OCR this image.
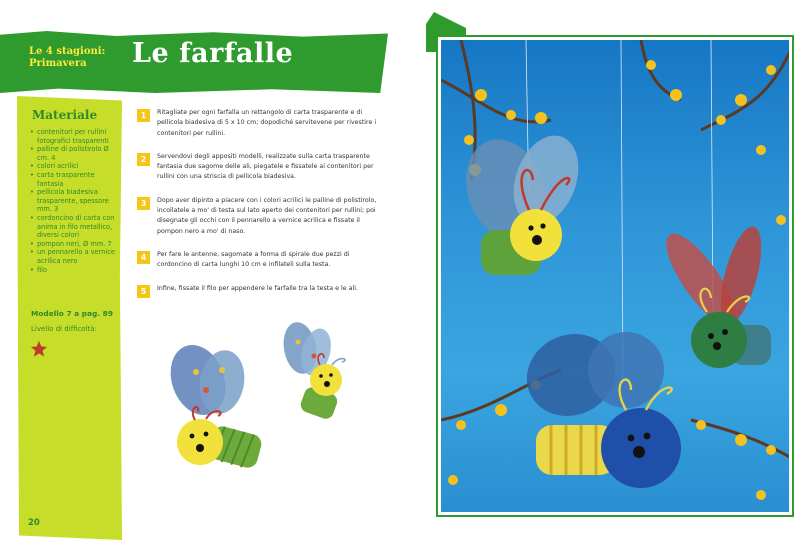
Le 4 stagioni: Primavera	Le farfalle
Materiale
• contenitori per rullini fotografici trasparenti
• palline di polistirolo Ø cm. 4
• colori acrilici
• carta trasparente fantasia
• pellicola biadesiva trasparente, spessore mm. 3
• cordoncino di carta con anima in filo metallico, diversi colori
• pompon neri, Ø mm. 7
• un pennarello a vernice acrilica nero
• filo
Modello 7 a pag. 89
Livello di difficoltà:
20
1	Ritagliate per ogni farfalla un rettangolo di carta trasparente e di pellicola biadesiva di 5 x 10 cm; dopodiché servitevene per rivestire i contenitori per rullini.
2	Servendovi degli appositi modelli, realizzate sulla carta trasparente fantasia due sagome delle ali, piegatele e fissatele ai contenitori per rullini con una striscia di pellicola biadesiva.
3	Dopo aver dipinto a piacere con i colori acrilici le palline di polistirolo, incollatele a mo' di testa sul lato aperto dei contenitori per rullini; poi disegnate gli occhi con il pennarello a vernice acrilica e fissate il pompon nero a mo' di naso.
4	Per fare le antenne, sagomate a forma di spirale due pezzi di cordoncino di carta lunghi 10 cm e infilateli sulla testa.
5	Infine, fissate il filo per appendere le farfalle tra la testa e le ali.
